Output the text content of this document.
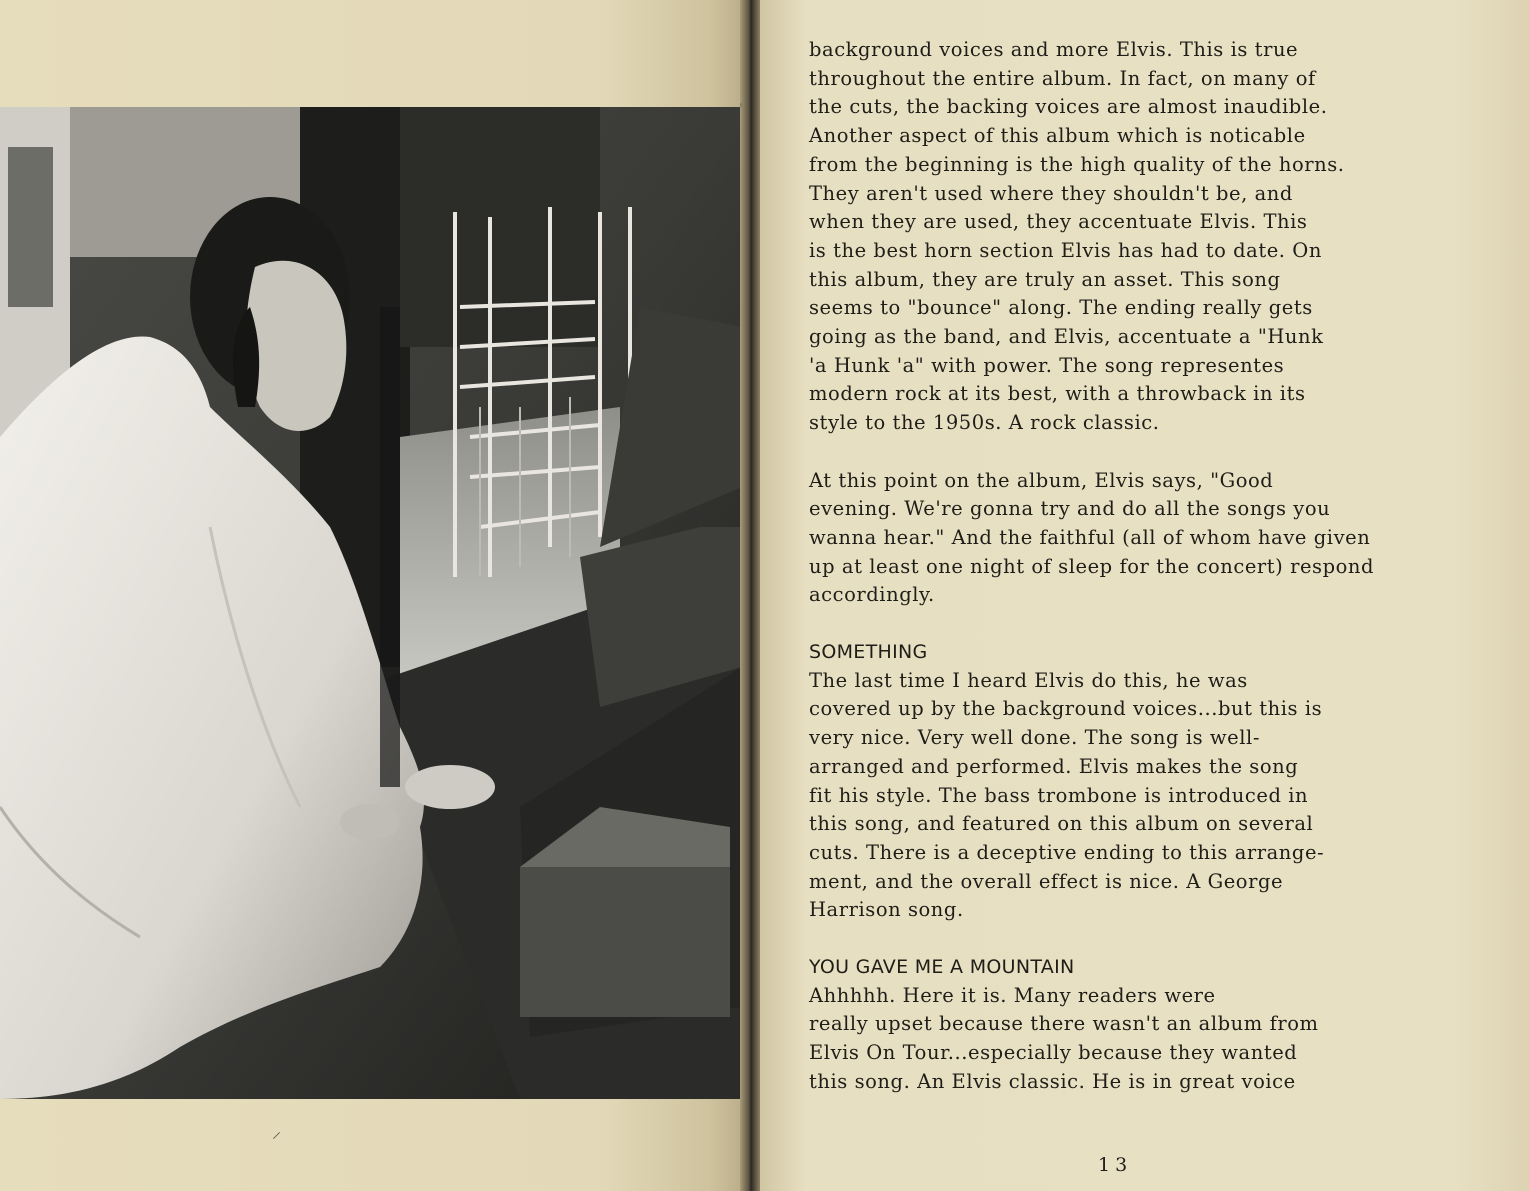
background voices and more Elvis. This is true
throughout the entire album. In fact, on many of
the cuts, the backing voices are almost inaudible.
Another aspect of this album which is noticable
from the beginning is the high quality of the horns.
They aren't used where they shouldn't be, and
when they are used, they accentuate Elvis. This
is the best horn section Elvis has had to date. On
this album, they are truly an asset. This song
seems to "bounce" along. The ending really gets
going as the band, and Elvis, accentuate a "Hunk
'a Hunk 'a" with power. The song representes
modern rock at its best, with a throwback in its
style to the 1950s. A rock classic.

At this point on the album, Elvis says, "Good
evening. We're gonna try and do all the songs you
wanna hear." And the faithful (all of whom have given
up at least one night of sleep for the concert) respond
accordingly.

SOMETHING

The last time I heard Elvis do this, he was
covered up by the background voices...but this is
very nice. Very well done. The song is well-
arranged and performed. Elvis makes the song
fit his style. The bass trombone is introduced in
this song, and featured on this album on several
cuts. There is a deceptive ending to this arrange-
ment, and the overall effect is nice. A George
Harrison song.

YOU GAVE ME A MOUNTAIN

Ahhhhh. Here it is. Many readers were
really upset because there wasn't an album from
Elvis On Tour...especially because they wanted
this song. An Elvis classic. He is in great voice

13
